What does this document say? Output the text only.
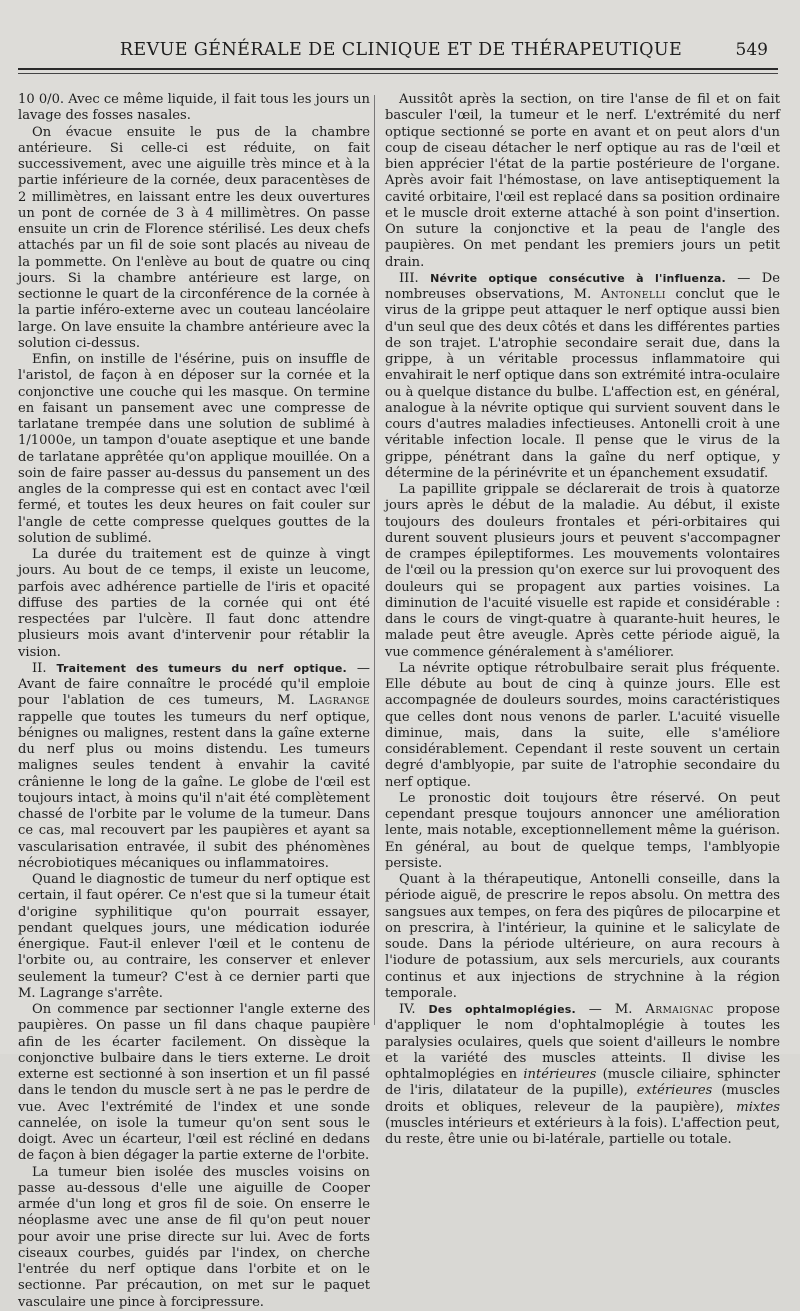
REVUE GÉNÉRALE DE CLINIQUE ET DE THÉRAPEUTIQUE	549

10 0/0. Avec ce même liquide, il fait tous les jours un lavage des fosses nasales.

On évacue ensuite le pus de la chambre antérieure. Si celle-ci est réduite, on fait successivement, avec une aiguille très mince et à la partie inférieure de la cornée, deux paracentèses de 2 millimètres, en laissant entre les deux ouvertures un pont de cornée de 3 à 4 millimètres. On passe ensuite un crin de Florence stérilisé. Les deux chefs attachés par un fil de soie sont placés au niveau de la pommette. On l'enlève au bout de quatre ou cinq jours. Si la chambre antérieure est large, on sectionne le quart de la circonférence de la cornée à la partie inféro-externe avec un couteau lancéolaire large. On lave ensuite la chambre antérieure avec la solution ci-dessus.

Enfin, on instille de l'ésérine, puis on insuffle de l'aristol, de façon à en déposer sur la cornée et la conjonctive une couche qui les masque. On termine en faisant un pansement avec une compresse de tarlatane trempée dans une solution de sublimé à 1/1000e, un tampon d'ouate aseptique et une bande de tarlatane apprêtée qu'on applique mouillée. On a soin de faire passer au-dessus du pansement un des angles de la compresse qui est en contact avec l'œil fermé, et toutes les deux heures on fait couler sur l'angle de cette compresse quelques gouttes de la solution de sublimé.

La durée du traitement est de quinze à vingt jours. Au bout de ce temps, il existe un leucome, parfois avec adhérence partielle de l'iris et opacité diffuse des parties de la cornée qui ont été respectées par l'ulcère. Il faut donc attendre plusieurs mois avant d'intervenir pour rétablir la vision.

II. Traitement des tumeurs du nerf optique. — Avant de faire connaître le procédé qu'il emploie pour l'ablation de ces tumeurs, M. Lagrange rappelle que toutes les tumeurs du nerf optique, bénignes ou malignes, restent dans la gaîne externe du nerf plus ou moins distendu. Les tumeurs malignes seules tendent à envahir la cavité crânienne le long de la gaîne. Le globe de l'œil est toujours intact, à moins qu'il n'ait été complètement chassé de l'orbite par le volume de la tumeur. Dans ce cas, mal recouvert par les paupières et ayant sa vascularisation entravée, il subit des phénomènes nécrobiotiques mécaniques ou inflammatoires.

Quand le diagnostic de tumeur du nerf optique est certain, il faut opérer. Ce n'est que si la tumeur était d'origine syphilitique qu'on pourrait essayer, pendant quelques jours, une médication iodurée énergique. Faut-il enlever l'œil et le contenu de l'orbite ou, au contraire, les conserver et enlever seulement la tumeur? C'est à ce dernier parti que M. Lagrange s'arrête.

On commence par sectionner l'angle externe des paupières. On passe un fil dans chaque paupière afin de les écarter facilement. On dissèque la conjonctive bulbaire dans le tiers externe. Le droit externe est sectionné à son insertion et un fil passé dans le tendon du muscle sert à ne pas le perdre de vue. Avec l'extrémité de l'index et une sonde cannelée, on isole la tumeur qu'on sent sous le doigt. Avec un écarteur, l'œil est récliné en dedans de façon à bien dégager la partie externe de l'orbite.

La tumeur bien isolée des muscles voisins on passe au-dessous d'elle une aiguille de Cooper armée d'un long et gros fil de soie. On enserre le néoplasme avec une anse de fil qu'on peut nouer pour avoir une prise directe sur lui. Avec de forts ciseaux courbes, guidés par l'index, on cherche l'entrée du nerf optique dans l'orbite et on le sectionne. Par précaution, on met sur le paquet vasculaire une pince à forcipressure.

Aussitôt après la section, on tire l'anse de fil et on fait basculer l'œil, la tumeur et le nerf. L'extrémité du nerf optique sectionné se porte en avant et on peut alors d'un coup de ciseau détacher le nerf optique au ras de l'œil et bien apprécier l'état de la partie postérieure de l'organe. Après avoir fait l'hémostase, on lave antiseptiquement la cavité orbitaire, l'œil est replacé dans sa position ordinaire et le muscle droit externe attaché à son point d'insertion. On suture la conjonctive et la peau de l'angle des paupières. On met pendant les premiers jours un petit drain.

III. Névrite optique consécutive à l'influenza. — De nombreuses observations, M. Antonelli conclut que le virus de la grippe peut attaquer le nerf optique aussi bien d'un seul que des deux côtés et dans les différentes parties de son trajet. L'atrophie secondaire serait due, dans la grippe, à un véritable processus inflammatoire qui envahirait le nerf optique dans son extrémité intra-oculaire ou à quelque distance du bulbe. L'affection est, en général, analogue à la névrite optique qui survient souvent dans le cours d'autres maladies infectieuses. Antonelli croit à une véritable infection locale. Il pense que le virus de la grippe, pénétrant dans la gaîne du nerf optique, y détermine de la périnévrite et un épanchement exsudatif.

La papillite grippale se déclarerait de trois à quatorze jours après le début de la maladie. Au début, il existe toujours des douleurs frontales et péri-orbitaires qui durent souvent plusieurs jours et peuvent s'accompagner de crampes épileptiformes. Les mouvements volontaires de l'œil ou la pression qu'on exerce sur lui provoquent des douleurs qui se propagent aux parties voisines. La diminution de l'acuité visuelle est rapide et considérable : dans le cours de vingt-quatre à quarante-huit heures, le malade peut être aveugle. Après cette période aiguë, la vue commence généralement à s'améliorer.

La névrite optique rétrobulbaire serait plus fréquente. Elle débute au bout de cinq à quinze jours. Elle est accompagnée de douleurs sourdes, moins caractéristiques que celles dont nous venons de parler. L'acuité visuelle diminue, mais, dans la suite, elle s'améliore considérablement. Cependant il reste souvent un certain degré d'amblyopie, par suite de l'atrophie secondaire du nerf optique.

Le pronostic doit toujours être réservé. On peut cependant presque toujours annoncer une amélioration lente, mais notable, exceptionnellement même la guérison. En général, au bout de quelque temps, l'amblyopie persiste.

Quant à la thérapeutique, Antonelli conseille, dans la période aiguë, de prescrire le repos absolu. On mettra des sangsues aux tempes, on fera des piqûres de pilocarpine et on prescrira, à l'intérieur, la quinine et le salicylate de soude. Dans la période ultérieure, on aura recours à l'iodure de potassium, aux sels mercuriels, aux courants continus et aux injections de strychnine à la région temporale.

IV. Des ophtalmoplégies. — M. Armaignac propose d'appliquer le nom d'ophtalmoplégie à toutes les paralysies oculaires, quels que soient d'ailleurs le nombre et la variété des muscles atteints. Il divise les ophtalmoplégies en intérieures (muscle ciliaire, sphincter de l'iris, dilatateur de la pupille), extérieures (muscles droits et obliques, releveur de la paupière), mixtes (muscles intérieurs et extérieurs à la fois). L'affection peut, du reste, être unie ou bi-latérale, partielle ou totale.
